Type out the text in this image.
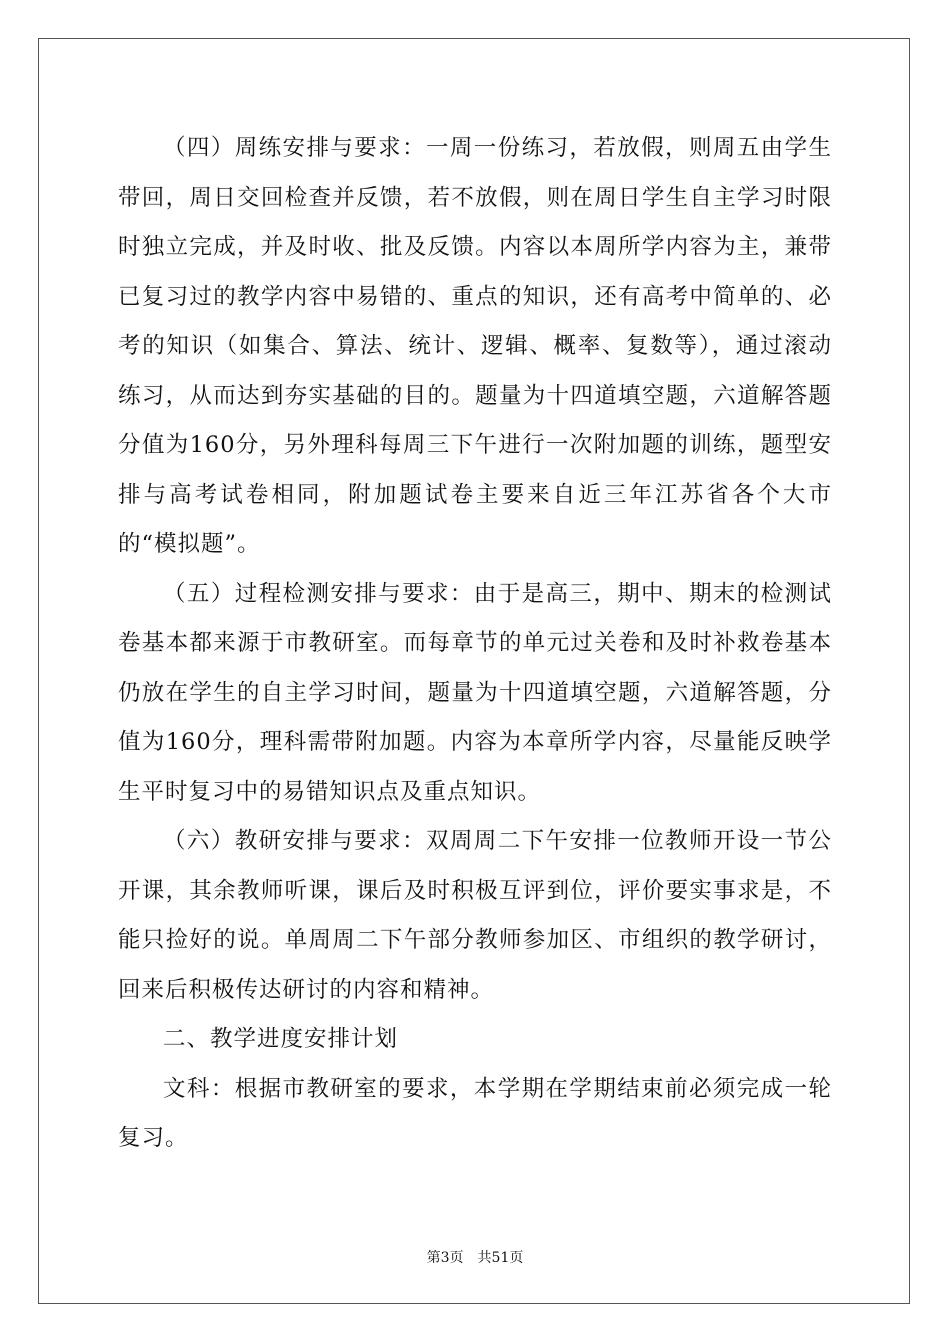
（四）周练安排与要求：一周一份练习，若放假，则周五由学生带回，周日交回检查并反馈，若不放假，则在周日学生自主学习时限时独立完成，并及时收、批及反馈。内容以本周所学内容为主，兼带已复习过的教学内容中易错的、重点的知识，还有高考中简单的、必考的知识（如集合、算法、统计、逻辑、概率、复数等），通过滚动练习，从而达到夯实基础的目的。题量为十四道填空题，六道解答题分值为160分，另外理科每周三下午进行一次附加题的训练，题型安排与高考试卷相同，附加题试卷主要来自近三年江苏省各个大市的“模拟题”。

（五）过程检测安排与要求：由于是高三，期中、期末的检测试卷基本都来源于市教研室。而每章节的单元过关卷和及时补救卷基本仍放在学生的自主学习时间，题量为十四道填空题，六道解答题，分值为160分，理科需带附加题。内容为本章所学内容，尽量能反映学生平时复习中的易错知识点及重点知识。

（六）教研安排与要求：双周周二下午安排一位教师开设一节公开课，其余教师听课，课后及时积极互评到位，评价要实事求是，不能只捡好的说。单周周二下午部分教师参加区、市组织的教学研讨，回来后积极传达研讨的内容和精神。

二、教学进度安排计划

文科：根据市教研室的要求，本学期在学期结束前必须完成一轮复习。

第3页 共51页
